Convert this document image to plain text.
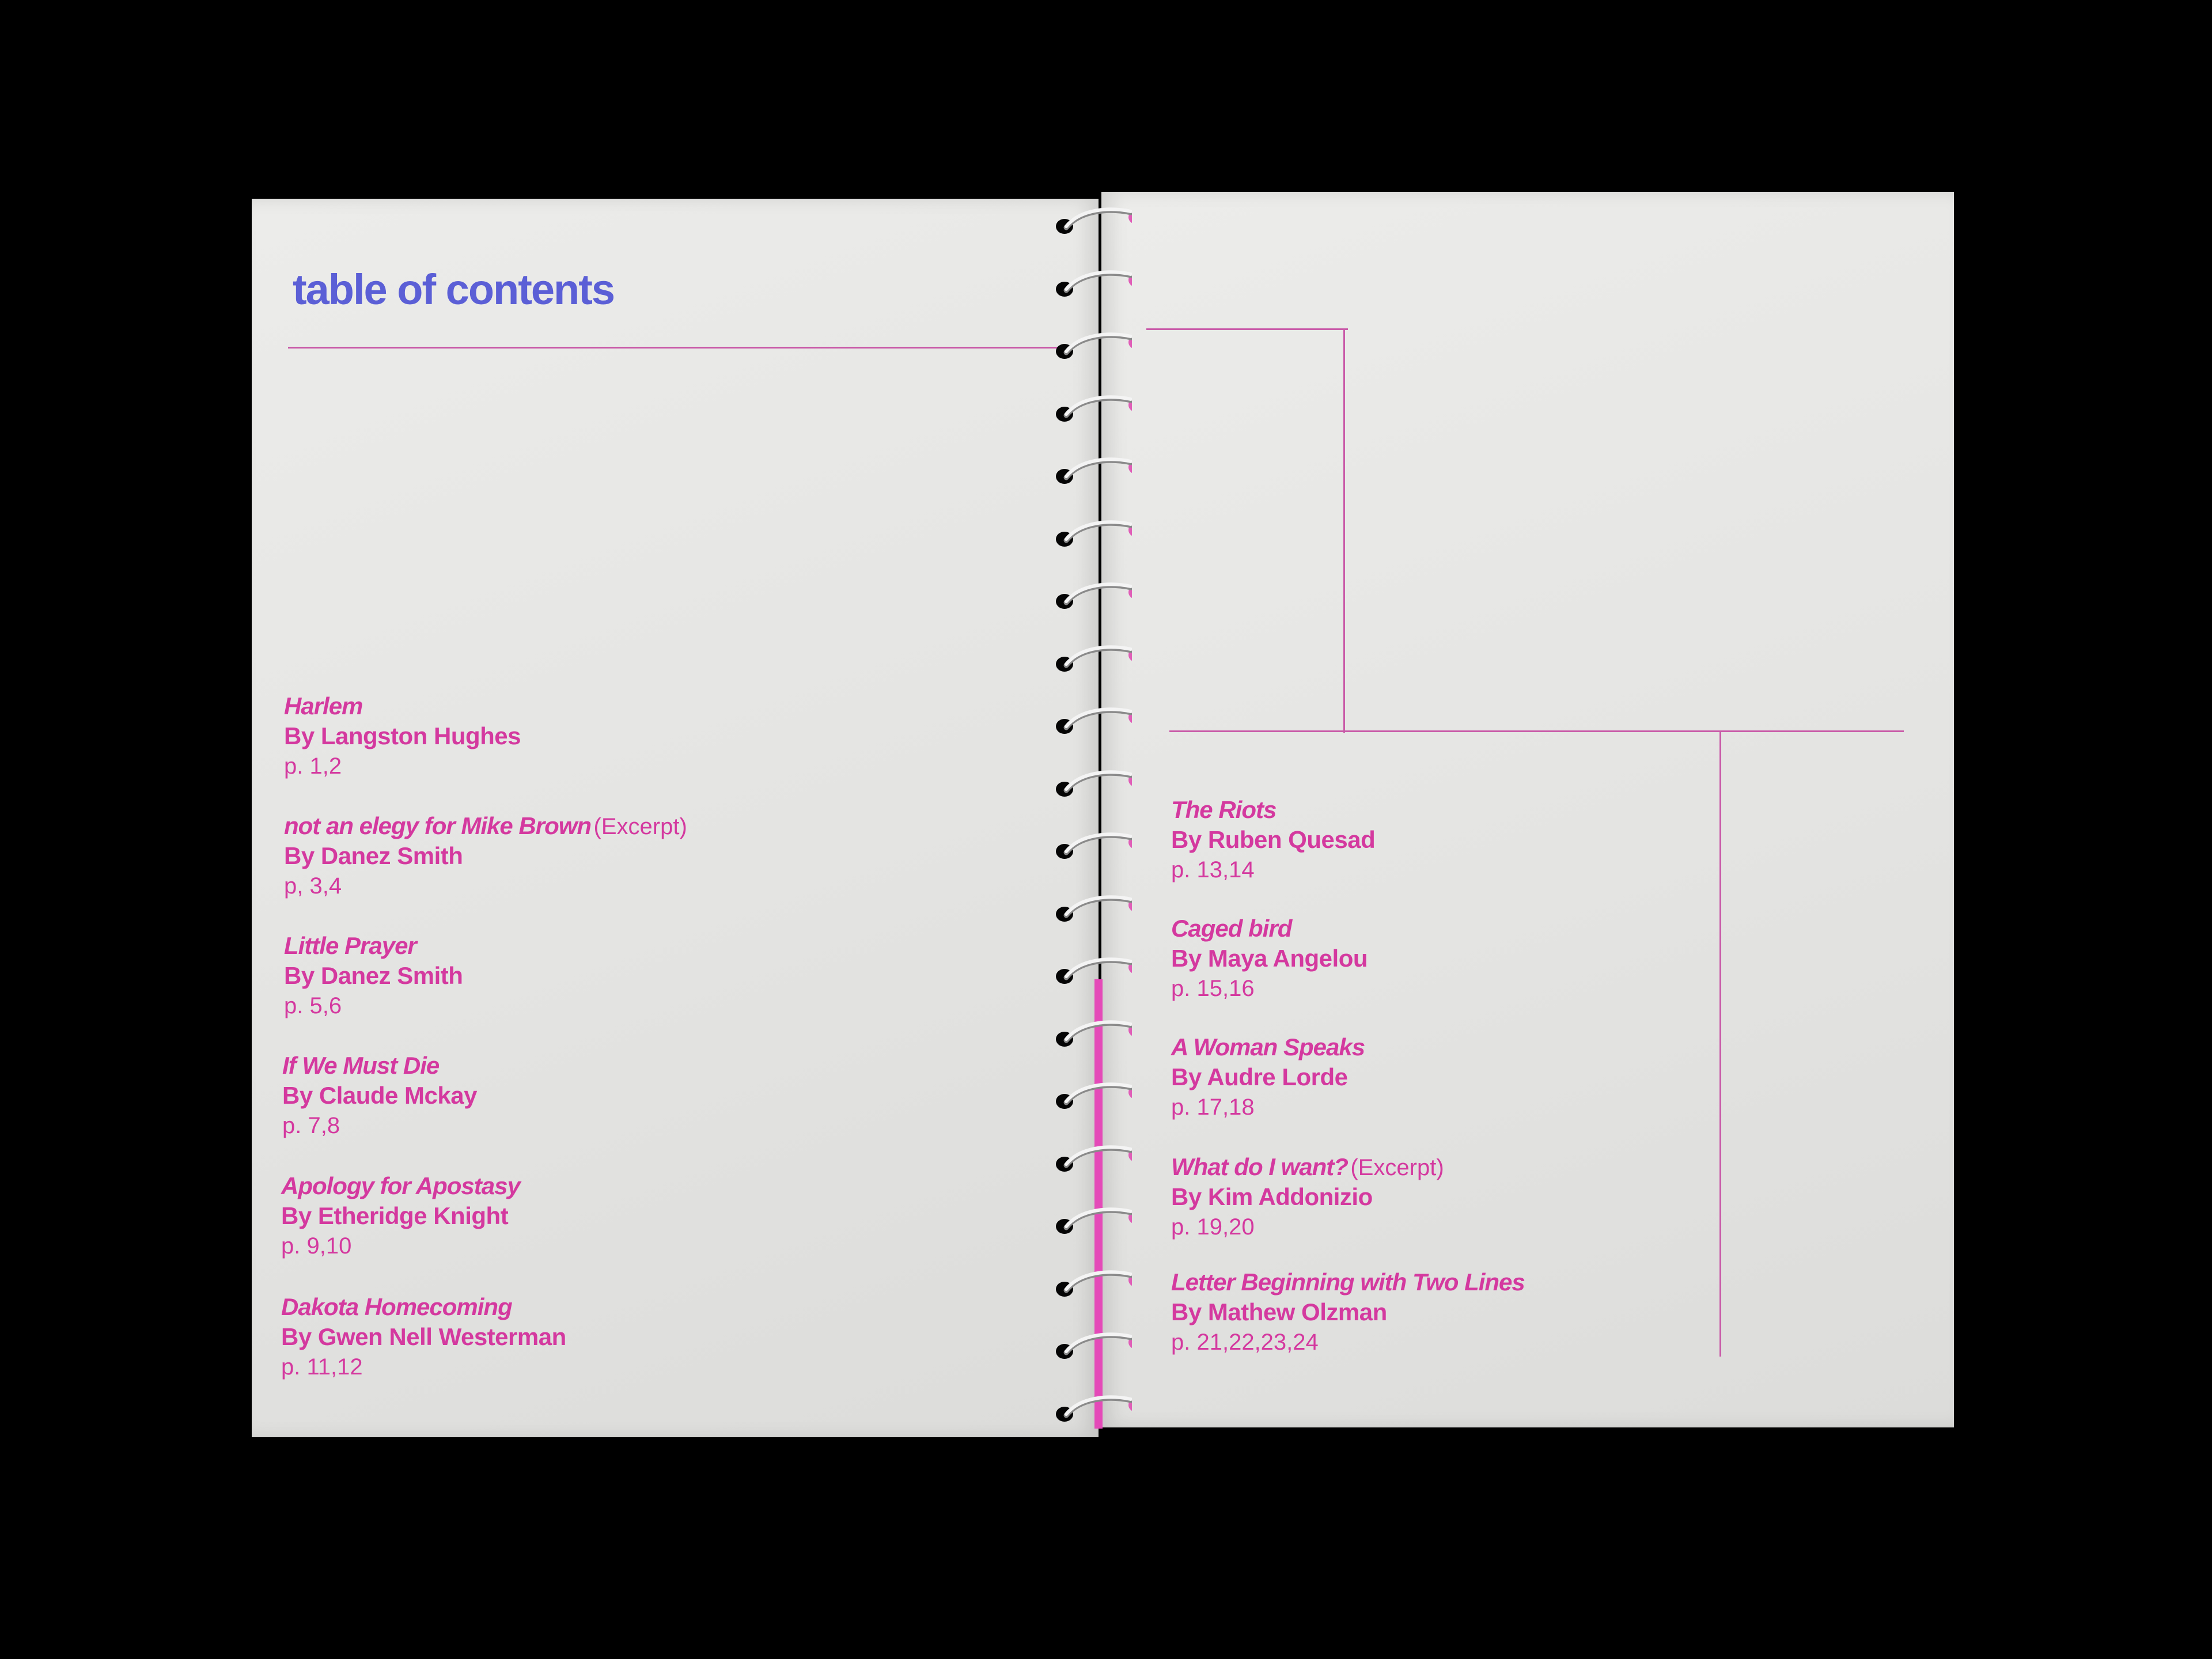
table of contents
Harlem
By Langston Hughes
p. 1,2
not an elegy for Mike Brown (Excerpt)
By Danez Smith
p, 3,4
Little Prayer
By Danez Smith
p. 5,6
If We Must Die
By Claude Mckay
p. 7,8
Apology for Apostasy
By Etheridge Knight
p. 9,10
Dakota Homecoming
By Gwen Nell Westerman
p. 11,12
The Riots
By Ruben Quesad
p. 13,14
Caged bird
By Maya Angelou
p. 15,16
A Woman Speaks
By Audre Lorde
p. 17,18
What do I want? (Excerpt)
By Kim Addonizio
p. 19,20
Letter Beginning with Two Lines
By Mathew Olzman
p. 21,22,23,24
